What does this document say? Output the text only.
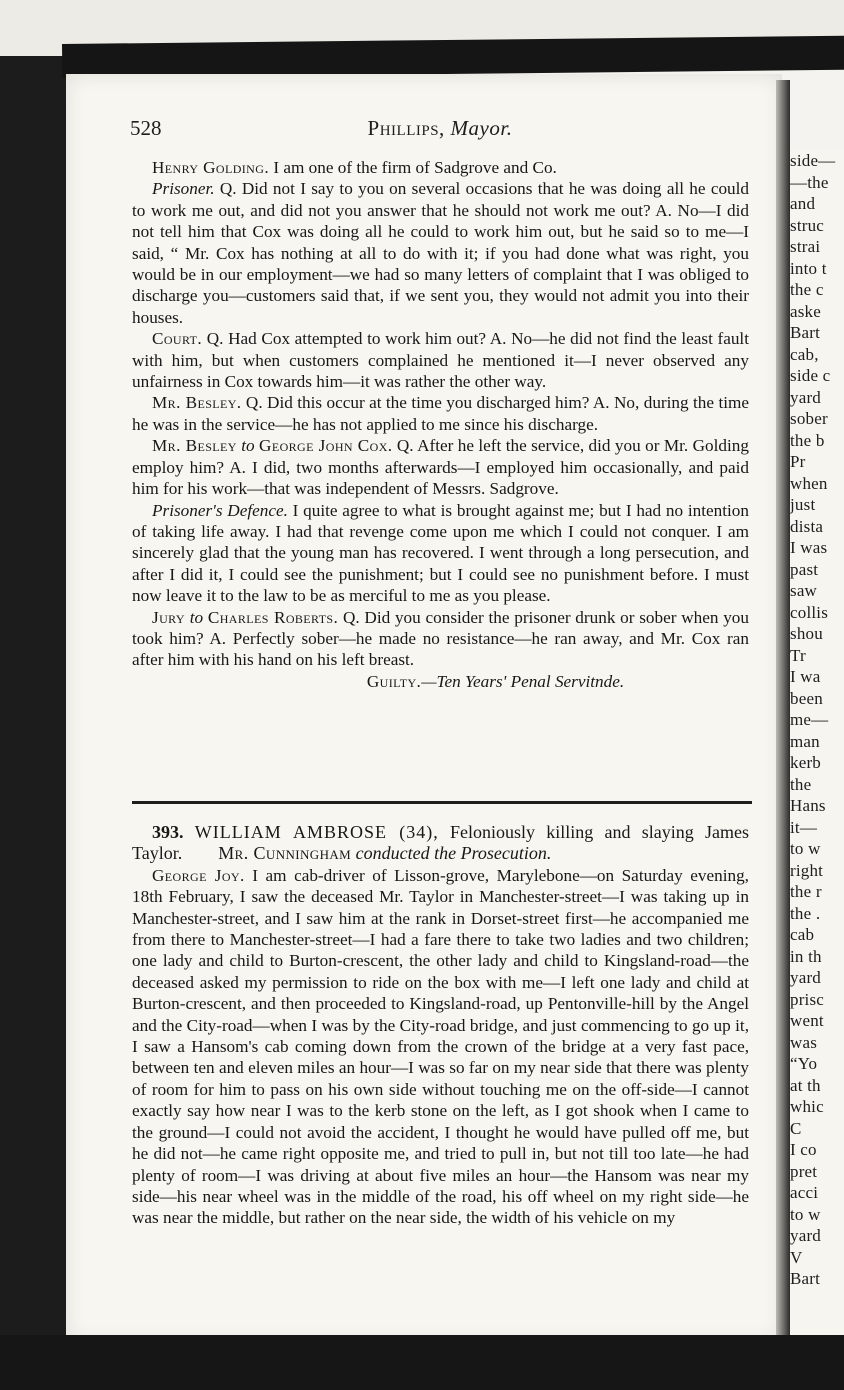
side—
—the
and
struc
strai
into t
the c
aske
Bart
cab,
side c
yard
sober
the b
Pr
when
just
dista
I was
past
saw
collis
shou
Tr
I wa
been
me—
man
kerb
the
Hans
it—
to w
right
the r
the .
cab
in th
yard
prisc
went
was
“Yo
at th
whic
C
I co
pret
acci
to w
yard
V
Bart
528	Phillips, Mayor.

Henry Golding. I am one of the firm of Sadgrove and Co.

Prisoner. Q. Did not I say to you on several occasions that he was doing all he could to work me out, and did not you answer that he should not work me out? A. No—I did not tell him that Cox was doing all he could to work him out, but he said so to me—I said, “ Mr. Cox has nothing at all to do with it; if you had done what was right, you would be in our employment—we had so many letters of complaint that I was obliged to discharge you—customers said that, if we sent you, they would not admit you into their houses.

Court. Q. Had Cox attempted to work him out? A. No—he did not find the least fault with him, but when customers complained he mentioned it—I never observed any unfairness in Cox towards him—it was rather the other way.

Mr. Besley. Q. Did this occur at the time you discharged him? A. No, during the time he was in the service—he has not applied to me since his discharge.

Mr. Besley to George John Cox. Q. After he left the service, did you or Mr. Golding employ him? A. I did, two months afterwards—I employed him occasionally, and paid him for his work—that was independent of Messrs. Sadgrove.

Prisoner's Defence. I quite agree to what is brought against me; but I had no intention of taking life away. I had that revenge come upon me which I could not conquer. I am sincerely glad that the young man has recovered. I went through a long persecution, and after I did it, I could see the punishment; but I could see no punishment before. I must now leave it to the law to be as merciful to me as you please.

Jury to Charles Roberts. Q. Did you consider the prisoner drunk or sober when you took him? A. Perfectly sober—he made no resistance—he ran away, and Mr. Cox ran after him with his hand on his left breast.

Guilty.—Ten Years' Penal Servitnde.

393. WILLIAM AMBROSE (34), Feloniously killing and slaying James Taylor. Mr. Cunningham conducted the Prosecution.

George Joy. I am cab-driver of Lisson-grove, Marylebone—on Saturday evening, 18th February, I saw the deceased Mr. Taylor in Manchester-street—I was taking up in Manchester-street, and I saw him at the rank in Dorset-street first—he accompanied me from there to Manchester-street—I had a fare there to take two ladies and two children; one lady and child to Burton-crescent, the other lady and child to Kingsland-road—the deceased asked my permission to ride on the box with me—I left one lady and child at Burton-crescent, and then proceeded to Kingsland-road, up Pentonville-hill by the Angel and the City-road—when I was by the City-road bridge, and just commencing to go up it, I saw a Hansom's cab coming down from the crown of the bridge at a very fast pace, between ten and eleven miles an hour—I was so far on my near side that there was plenty of room for him to pass on his own side without touching me on the off-side—I cannot exactly say how near I was to the kerb stone on the left, as I got shook when I came to the ground—I could not avoid the accident, I thought he would have pulled off me, but he did not—he came right opposite me, and tried to pull in, but not till too late—he had plenty of room—I was driving at about five miles an hour—the Hansom was near my side—his near wheel was in the middle of the road, his off wheel on my right side—he was near the middle, but rather on the near side, the width of his vehicle on my
